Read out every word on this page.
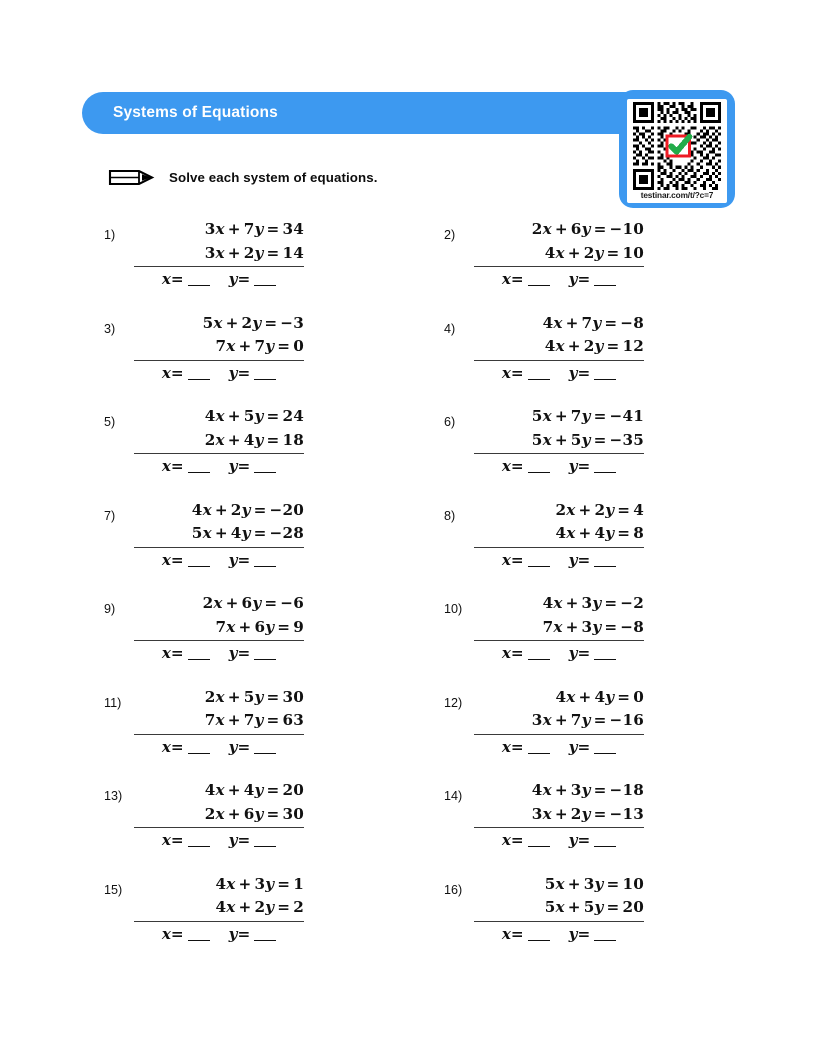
Systems of Equations
testinar.com/t/?c=7
Solve each system of equations.
1)	3x + 7y = 34
3x + 2y = 14
x=	y=
2)	2x + 6y = −10
4x + 2y = 10
x=	y=
3)	5x + 2y = −3
7x + 7y = 0
x=	y=
4)	4x + 7y = −8
4x + 2y = 12
x=	y=
5)	4x + 5y = 24
2x + 4y = 18
x=	y=
6)	5x + 7y = −41
5x + 5y = −35
x=	y=
7)	4x + 2y = −20
5x + 4y = −28
x=	y=
8)	2x + 2y = 4
4x + 4y = 8
x=	y=
9)	2x + 6y = −6
7x + 6y = 9
x=	y=
10)	4x + 3y = −2
7x + 3y = −8
x=	y=
11)	2x + 5y = 30
7x + 7y = 63
x=	y=
12)	4x + 4y = 0
3x + 7y = −16
x=	y=
13)	4x + 4y = 20
2x + 6y = 30
x=	y=
14)	4x + 3y = −18
3x + 2y = −13
x=	y=
15)	4x + 3y = 1
4x + 2y = 2
x=	y=
16)	5x + 3y = 10
5x + 5y = 20
x=	y=
